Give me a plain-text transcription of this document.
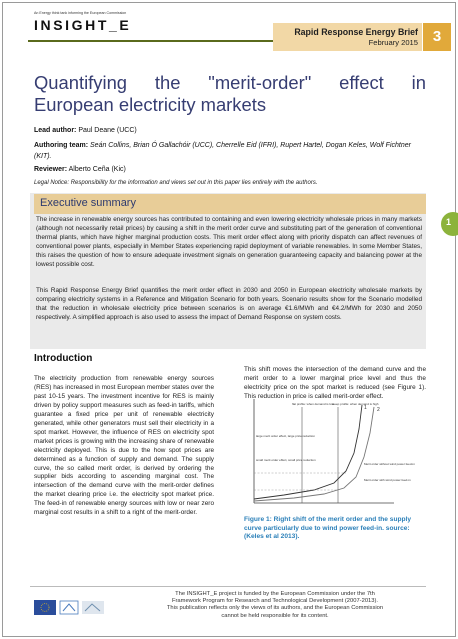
An Energy think tank informing the European Commission
INSIGHT_E	Rapid Response Energy Brief
February 2015 3
Quantifying the "merit-order" effect in
European electricity markets
Lead author: Paul Deane (UCC)
Authoring team: Seán Collins, Brian Ó Gallachóir (UCC), Cherrelle Eid (IFRI), Rupert Hartel, Dogan Keles, Wolf Fichtner (KIT).
Reviewer: Alberto Ceña (Kic)
Legal Notice: Responsibility for the information and views set out in this paper lies entirely with the authors.
Executive summary

The increase in renewable energy sources has contributed to containing and even lowering electricity wholesale prices in many markets (although not necessarily retail prices) by causing a shift in the merit order curve and substituting part of the generation of conventional thermal plants, which have higher marginal production costs. This merit order effect along with priority dispatch can affect revenues of conventional power plants, especially in Member States experiencing rapid deployment of variable renewables. In some Member States, this raises the question of how to ensure adequate investment signals on generation guaranteeing capacity and balancing power at the lowest possible cost.

This Rapid Response Energy Brief quantifies the merit order effect in 2030 and 2050 in European electricity wholesale markets by comparing electricity systems in a Reference and Mitigation Scenario for both years. Scenario results show for the Scenario modelled that the reduction in wholesale electricity price between scenarios is on average €1.6/MWh and €4.2/MWh for 2030 and 2050 respectively. A simplified approach is also used to assess the impact of Demand Response on system costs.

1
Introduction

The electricity production from renewable energy sources (RES) has increased in most European member states over the past 10-15 years. The investment incentive for RES is mainly driven by policy support measures such as feed-in tariffs, which guarantee a fixed price per unit of renewable electricity generated, while other generators must sell their electricity in a spot market. However, the influence of RES on electricity spot market prices is growing with the increasing share of renewable electricity deployed. This is due to the how spot prices are determined as a function of supply and demand. The supply curve, the so called merit order, is derived by ordering the supplier bids according to ascending marginal cost. The intersection of the demand curve with the merit-order defines the market clearing price i.e. the electricity spot market price. The feed-in of renewable energy sources with low or near zero marginal cost results in a shift to a right of the merit-order.

This shift moves the intersection of the demand curve and the merit order to a lower marginal price level and thus the electricity price on the spot market is reduced (see Figure 1). This reduction in price is called merit-order effect.

1 2
flat profile: when demand is low
steep profile: when demand is high
large merit order effect, large price reduction
small merit order effect, small price reduction
Merit order without wind power feed-in
Merit order with wind power feed-in
Figure 1: Right shift of the merit order and the supply curve particularly due to wind power feed-in. source: (Keles et al 2013).
The INSIGHT_E project is funded by the European Commission under the 7th
Framework Program for Research and Technological Development (2007-2013).
This publication reflects only the views of its authors, and the European Commission
cannot be held responsible for its content.
